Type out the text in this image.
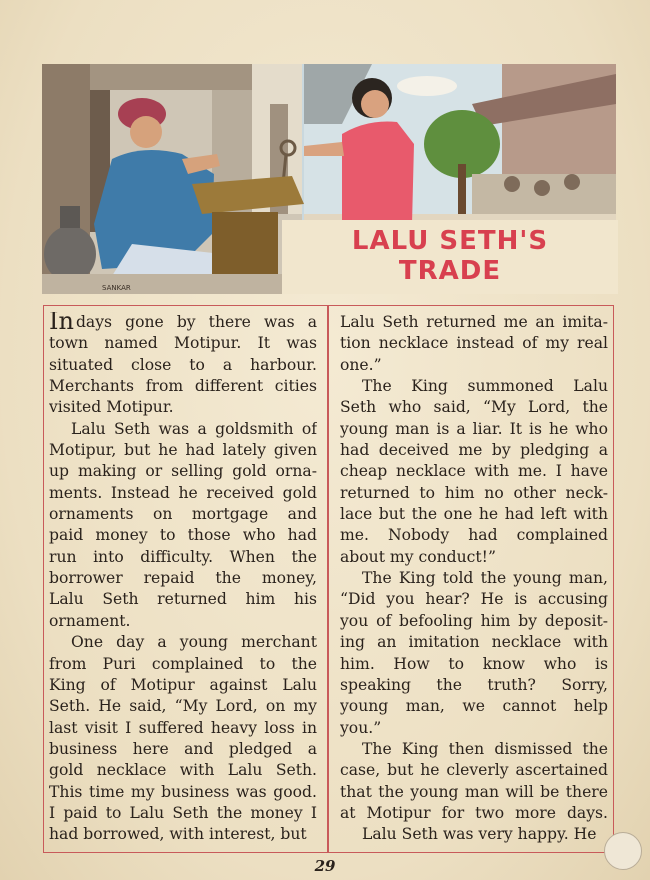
SANKAR
LALU SETH'S
TRADE
In days gone by there was a
town named Motipur. It was
situated close to a harbour.
Merchants from different cities
visited Motipur.
Lalu Seth was a goldsmith of
Motipur, but he had lately given
up making or selling gold orna-
ments. Instead he received gold
ornaments on mortgage and
paid money to those who had
run into difficulty. When the
borrower repaid the money,
Lalu Seth returned him his
ornament.
One day a young merchant
from Puri complained to the
King of Motipur against Lalu
Seth. He said, “My Lord, on my
last visit I suffered heavy loss in
business here and pledged a
gold necklace with Lalu Seth.
This time my business was good.
I paid to Lalu Seth the money I
had borrowed, with interest, but
Lalu Seth returned me an imita-
tion necklace instead of my real
one.”
The King summoned Lalu
Seth who said, “My Lord, the
young man is a liar. It is he who
had deceived me by pledging a
cheap necklace with me. I have
returned to him no other neck-
lace but the one he had left with
me. Nobody had complained
about my conduct!”
The King told the young man,
“Did you hear? He is accusing
you of befooling him by deposit-
ing an imitation necklace with
him. How to know who is
speaking the truth? Sorry,
young man, we cannot help
you.”
The King then dismissed the
case, but he cleverly ascertained
that the young man will be there
at Motipur for two more days.
Lalu Seth was very happy. He
29
